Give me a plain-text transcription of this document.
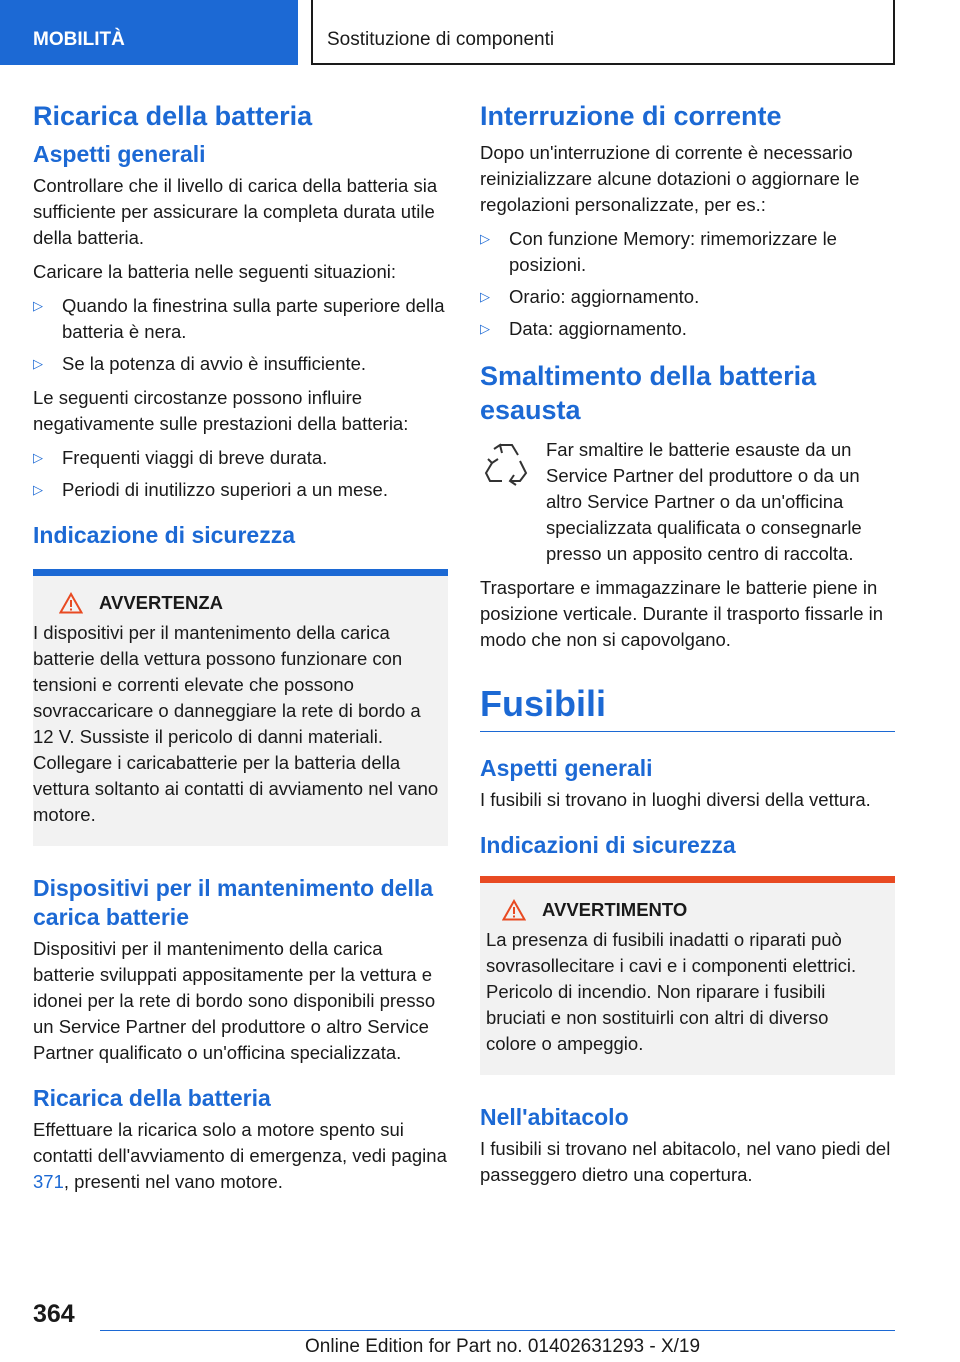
MOBILITÀ	Sostituzione di componenti
Ricarica della batteria
Aspetti generali

Controllare che il livello di carica della batteria sia sufficiente per assicurare la completa durata utile della batteria.

Caricare la batteria nelle seguenti situazioni:

▷ Quando la finestrina sulla parte superiore della batteria è nera.
▷ Se la potenza di avvio è insufficiente.

Le seguenti circostanze possono influire negativamente sulle prestazioni della batteria:

▷ Frequenti viaggi di breve durata.
▷ Periodi di inutilizzo superiori a un mese.
Indicazione di sicurezza
AVVERTENZA

I dispositivi per il mantenimento della carica batterie della vettura possono funzionare con tensioni e correnti elevate che possono sovraccaricare o danneggiare la rete di bordo a 12 V. Sussiste il pericolo di danni materiali. Collegare i caricabatterie per la batteria della vettura soltanto ai contatti di avviamento nel vano motore.

Dispositivi per il mantenimento della carica batterie

Dispositivi per il mantenimento della carica batterie sviluppati appositamente per la vettura e idonei per la rete di bordo sono disponibili presso un Service Partner del produttore o altro Service Partner qualificato o un'officina specializzata.

Ricarica della batteria

Effettuare la ricarica solo a motore spento sui contatti dell'avviamento di emergenza, vedi pagina 371, presenti nel vano motore.

Interruzione di corrente

Dopo un'interruzione di corrente è necessario reinizializzare alcune dotazioni o aggiornare le regolazioni personalizzate, per es.:

▷ Con funzione Memory: rimemorizzare le posizioni.
▷ Orario: aggiornamento.
▷ Data: aggiornamento.
Smaltimento della batteria esausta

Far smaltire le batterie esauste da un Service Partner del produttore o da un altro Service Partner o da un'officina specializzata qualificata o consegnarle presso un apposito centro di raccolta.

Trasportare e immagazzinare le batterie piene in posizione verticale. Durante il trasporto fissarle in modo che non si capovolgano.

Fusibili
Aspetti generali

I fusibili si trovano in luoghi diversi della vettura.

Indicazioni di sicurezza
AVVERTIMENTO

La presenza di fusibili inadatti o riparati può sovrasollecitare i cavi e i componenti elettrici. Pericolo di incendio. Non riparare i fusibili bruciati e non sostituirli con altri di diverso colore o ampeggio.

Nell'abitacolo

I fusibili si trovano nel abitacolo, nel vano piedi del passeggero dietro una copertura.

364
Online Edition for Part no. 01402631293 - X/19
